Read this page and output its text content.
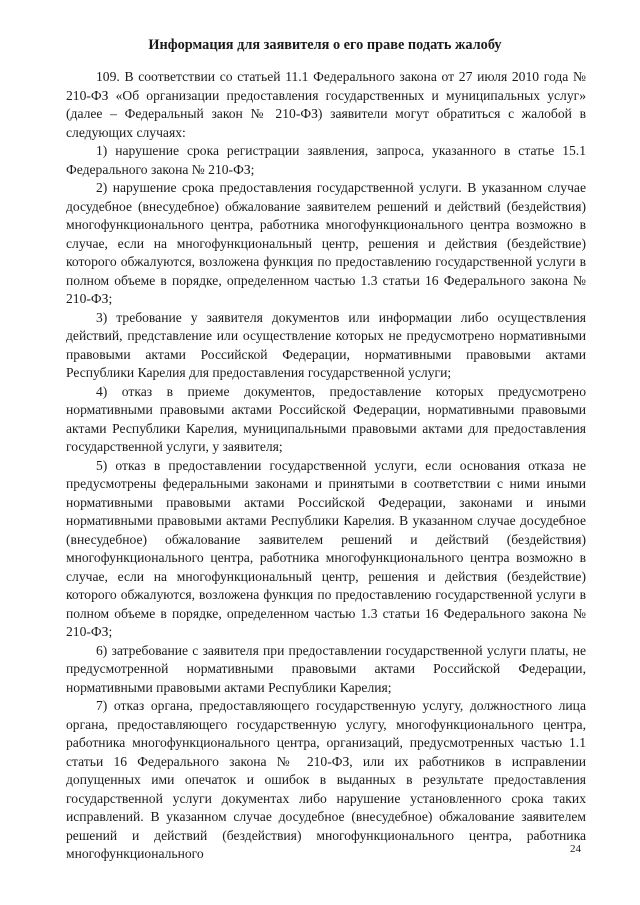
Информация для заявителя о его праве подать жалобу

109. В соответствии со статьей 11.1 Федерального закона от 27 июля 2010 года № 210-ФЗ «Об организации предоставления государственных и муниципальных услуг» (далее – Федеральный закон № 210-ФЗ) заявители могут обратиться с жалобой в следующих случаях:

1) нарушение срока регистрации заявления, запроса, указанного в статье 15.1 Федерального закона № 210-ФЗ;

2) нарушение срока предоставления государственной услуги. В указанном случае досудебное (внесудебное) обжалование заявителем решений и действий (бездействия) многофункционального центра, работника многофункционального центра возможно в случае, если на многофункциональный центр, решения и действия (бездействие) которого обжалуются, возложена функция по предоставлению государственной услуги в полном объеме в порядке, определенном частью 1.3 статьи 16 Федерального закона № 210-ФЗ;

3) требование у заявителя документов или информации либо осуществления действий, представление или осуществление которых не предусмотрено нормативными правовыми актами Российской Федерации, нормативными правовыми актами Республики Карелия для предоставления государственной услуги;

4) отказ в приеме документов, предоставление которых предусмотрено нормативными правовыми актами Российской Федерации, нормативными правовыми актами Республики Карелия, муниципальными правовыми актами для предоставления государственной услуги, у заявителя;

5) отказ в предоставлении государственной услуги, если основания отказа не предусмотрены федеральными законами и принятыми в соответствии с ними иными нормативными правовыми актами Российской Федерации, законами и иными нормативными правовыми актами Республики Карелия. В указанном случае досудебное (внесудебное) обжалование заявителем решений и действий (бездействия) многофункционального центра, работника многофункционального центра возможно в случае, если на многофункциональный центр, решения и действия (бездействие) которого обжалуются, возложена функция по предоставлению государственной услуги в полном объеме в порядке, определенном частью 1.3 статьи 16 Федерального закона № 210-ФЗ;

6) затребование с заявителя при предоставлении государственной услуги платы, не предусмотренной нормативными правовыми актами Российской Федерации, нормативными правовыми актами Республики Карелия;

7) отказ органа, предоставляющего государственную услугу, должностного лица органа, предоставляющего государственную услугу, многофункционального центра, работника многофункционального центра, организаций, предусмотренных частью 1.1 статьи 16 Федерального закона № 210-ФЗ, или их работников в исправлении допущенных ими опечаток и ошибок в выданных в результате предоставления государственной услуги документах либо нарушение установленного срока таких исправлений. В указанном случае досудебное (внесудебное) обжалование заявителем решений и действий (бездействия) многофункционального центра, работника многофункционального	24
